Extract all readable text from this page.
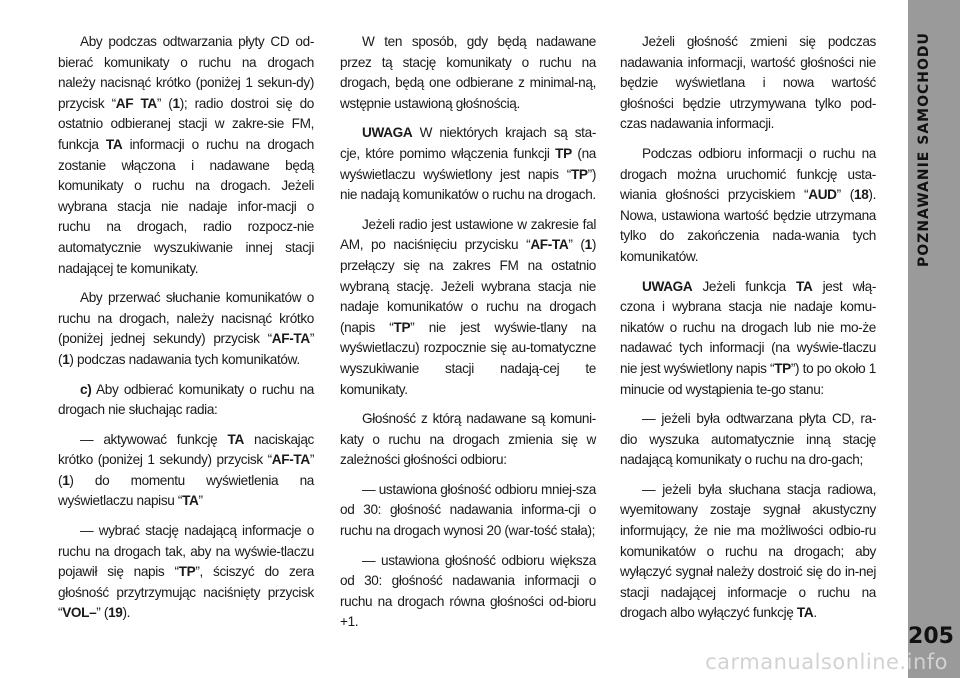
Aby podczas odtwarzania płyty CD od-bierać komunikaty o ruchu na drogach należy nacisnąć krótko (poniżej 1 sekun-dy) przycisk “AF TA” (1); radio dostroi się do ostatnio odbieranej stacji w zakre-sie FM, funkcja TA informacji o ruchu na drogach zostanie włączona i nadawane będą komunikaty o ruchu na drogach. Jeżeli wybrana stacja nie nadaje infor-macji o ruchu na drogach, radio rozpocz-nie automatycznie wyszukiwanie innej stacji nadającej te komunikaty.

Aby przerwać słuchanie komunikatów o ruchu na drogach, należy nacisnąć krótko (poniżej jednej sekundy) przycisk “AF-TA” (1) podczas nadawania tych komunikatów.

c) Aby odbierać komunikaty o ruchu na drogach nie słuchając radia:

— aktywować funkcję TA naciskając krótko (poniżej 1 sekundy) przycisk “AF-TA” (1) do momentu wyświetlenia na wyświetlaczu napisu “TA”

— wybrać stację nadającą informacje o ruchu na drogach tak, aby na wyświe-tlaczu pojawił się napis “TP”, ściszyć do zera głośność przytrzymując naciśnięty przycisk “VOL–” (19).

W ten sposób, gdy będą nadawane przez tą stację komunikaty o ruchu na drogach, będą one odbierane z minimal-ną, wstępnie ustawioną głośnością.

UWAGA W niektórych krajach są sta-cje, które pomimo włączenia funkcji TP (na wyświetlaczu wyświetlony jest napis “TP”) nie nadają komunikatów o ruchu na drogach.

Jeżeli radio jest ustawione w zakresie fal AM, po naciśnięciu przycisku “AF-TA” (1) przełączy się na zakres FM na ostatnio wybraną stację. Jeżeli wybrana stacja nie nadaje komunikatów o ruchu na drogach (napis “TP” nie jest wyświe-tlany na wyświetlaczu) rozpocznie się au-tomatyczne wyszukiwanie stacji nadają-cej te komunikaty.

Głośność z którą nadawane są komuni-katy o ruchu na drogach zmienia się w zależności głośności odbioru:

— ustawiona głośność odbioru mniej-sza od 30: głośność nadawania informa-cji o ruchu na drogach wynosi 20 (war-tość stała);

— ustawiona głośność odbioru większa od 30: głośność nadawania informacji o ruchu na drogach równa głośności od-bioru +1.

Jeżeli głośność zmieni się podczas nadawania informacji, wartość głośności nie będzie wyświetlana i nowa wartość głośności będzie utrzymywana tylko pod-czas nadawania informacji.

Podczas odbioru informacji o ruchu na drogach można uruchomić funkcję usta-wiania głośności przyciskiem “AUD” (18). Nowa, ustawiona wartość będzie utrzymana tylko do zakończenia nada-wania tych komunikatów.

UWAGA Jeżeli funkcja TA jest włą-czona i wybrana stacja nie nadaje komu-nikatów o ruchu na drogach lub nie mo-że nadawać tych informacji (na wyświe-tlaczu nie jest wyświetlony napis “TP”) to po około 1 minucie od wystąpienia te-go stanu:

— jeżeli była odtwarzana płyta CD, ra-dio wyszuka automatycznie inną stację nadającą komunikaty o ruchu na dro-gach;

— jeżeli była słuchana stacja radiowa, wyemitowany zostaje sygnał akustyczny informujący, że nie ma możliwości odbio-ru komunikatów o ruchu na drogach; aby wyłączyć sygnał należy dostroić się do in-nej stacji nadającej informacje o ruchu na drogach albo wyłączyć funkcję TA.

POZNAWANIE SAMOCHODU
205
carmanualsonline.info
